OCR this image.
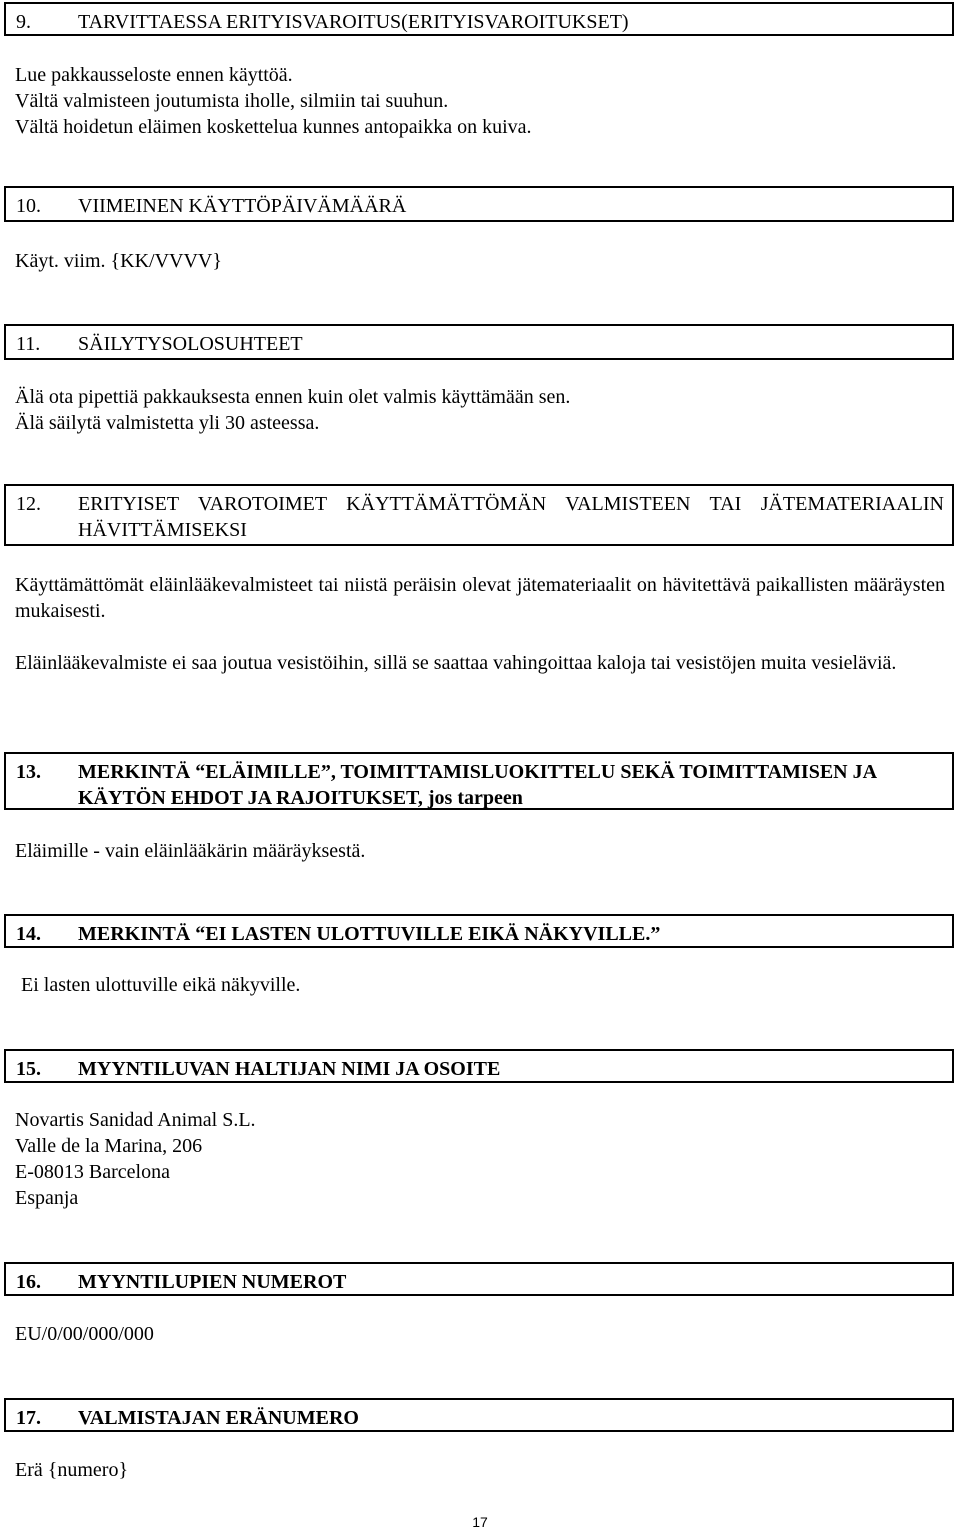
9.	TARVITTAESSA ERITYISVAROITUS(ERITYISVAROITUKSET)
Lue pakkausseloste ennen käyttöä.
Vältä valmisteen joutumista iholle, silmiin tai suuhun.
Vältä hoidetun eläimen koskettelua kunnes antopaikka on kuiva.
10.	VIIMEINEN KÄYTTÖPÄIVÄMÄÄRÄ
Käyt. viim. {KK/VVVV}
11.	SÄILYTYSOLOSUHTEET
Älä ota pipettiä pakkauksesta ennen kuin olet valmis käyttämään sen.
Älä säilytä valmistetta yli 30 asteessa.
12.	ERITYISET VAROTOIMET KÄYTTÄMÄTTÖMÄN VALMISTEEN TAI JÄTEMATERIAALIN HÄVITTÄMISEKSI
Käyttämättömät eläinlääkevalmisteet tai niistä peräisin olevat jätemateriaalit on hävitettävä paikallisten määräysten mukaisesti.
Eläinlääkevalmiste ei saa joutua vesistöihin, sillä se saattaa vahingoittaa kaloja tai vesistöjen muita vesieläviä.
13.	MERKINTÄ “ELÄIMILLE”, TOIMITTAMISLUOKITTELU SEKÄ TOIMITTAMISEN JA KÄYTÖN EHDOT JA RAJOITUKSET, jos tarpeen
Eläimille - vain eläinlääkärin määräyksestä.
14.	MERKINTÄ “EI LASTEN ULOTTUVILLE EIKÄ NÄKYVILLE.”
Ei lasten ulottuville eikä näkyville.
15.	MYYNTILUVAN HALTIJAN NIMI JA OSOITE
Novartis Sanidad Animal S.L.
Valle de la Marina, 206
E-08013 Barcelona
Espanja
16.	MYYNTILUPIEN NUMEROT
EU/0/00/000/000
17.	VALMISTAJAN ERÄNUMERO
Erä {numero}
17
